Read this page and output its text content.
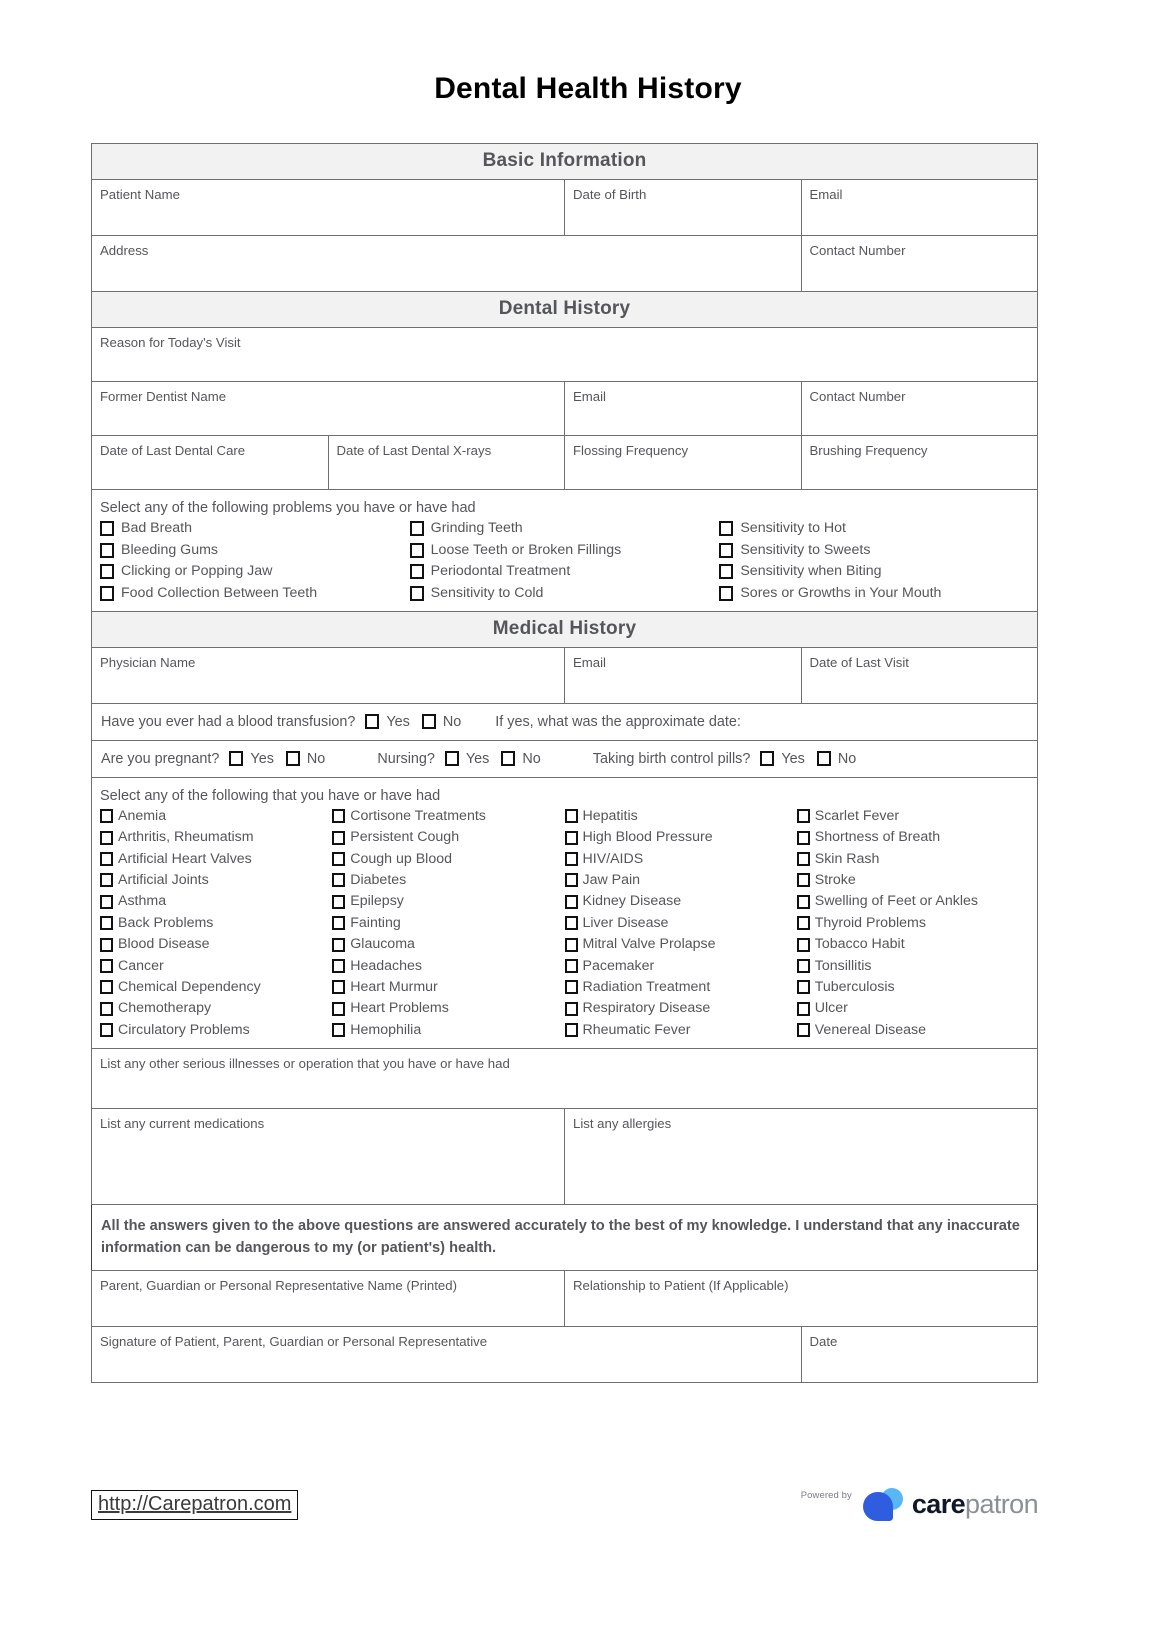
Dental Health History
Basic Information			
Patient Name		Date of Birth	Email
Address			Contact Number
Dental History			
Reason for Today's Visit			
Former Dentist Name		Email	Contact Number
Date of Last Dental Care	Date of Last Dental X-rays	Flossing Frequency	Brushing Frequency

Select any of the following problems you have or have had
Bad Breath
Bleeding Gums
Clicking or Popping Jaw
Food Collection Between Teeth
Grinding Teeth
Loose Teeth or Broken Fillings
Periodontal Treatment
Sensitivity to Cold
Sensitivity to Hot
Sensitivity to Sweets
Sensitivity when Biting
Sores or Growths in Your Mouth

Medical History			
Physician Name		Email	Date of Last Visit

Have you ever had a blood transfusion? Yes No If yes, what was the approximate date:			

Are you pregnant? Yes No	Nursing? Yes No	Taking birth control pills? Yes No

Select any of the following that you have or have had
Anemia
Arthritis, Rheumatism
Artificial Heart Valves
Artificial Joints
Asthma
Back Problems
Blood Disease
Cancer
Chemical Dependency
Chemotherapy
Circulatory Problems
Cortisone Treatments
Persistent Cough
Cough up Blood
Diabetes
Epilepsy
Fainting
Glaucoma
Headaches
Heart Murmur
Heart Problems
Hemophilia
Hepatitis
High Blood Pressure
HIV/AIDS
Jaw Pain
Kidney Disease
Liver Disease
Mitral Valve Prolapse
Pacemaker
Radiation Treatment
Respiratory Disease
Rheumatic Fever
Scarlet Fever
Shortness of Breath
Skin Rash
Stroke
Swelling of Feet or Ankles
Thyroid Problems
Tobacco Habit
Tonsillitis
Tuberculosis
Ulcer
Venereal Disease

List any other serious illnesses or operation that you have or have had			
List any current medications		List any allergies	
All the answers given to the above questions are answered accurately to the best of my knowledge. I understand that any inaccurate information can be dangerous to my (or patient's) health.			
Parent, Guardian or Personal Representative Name (Printed)		Relationship to Patient (If Applicable)	
Signature of Patient, Parent, Guardian or Personal Representative			Date
http://Carepatron.com	Powered by carepatron
